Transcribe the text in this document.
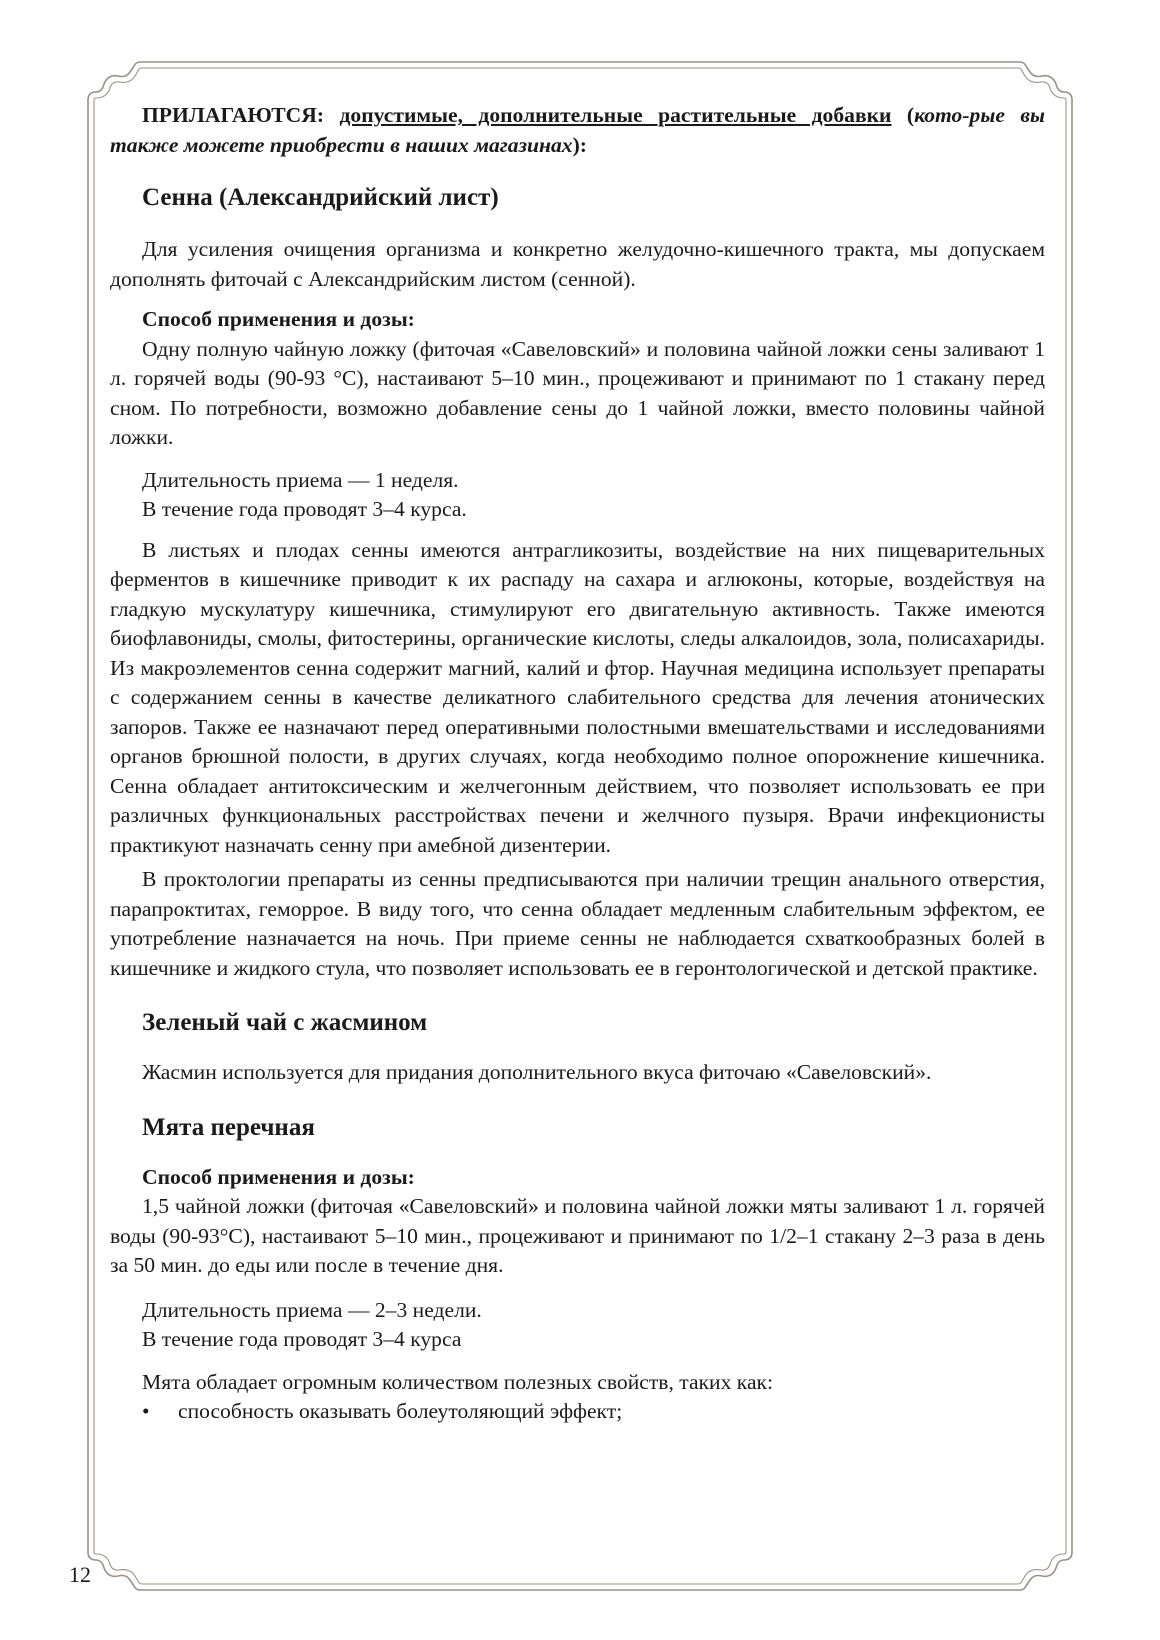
ПРИЛАГАЮТСЯ: допустимые, дополнительные растительные добавки (кото-рые вы также можете приобрести в наших магазинах):

Сенна (Александрийский лист)

Для усиления очищения организма и конкретно желудочно-кишечного тракта, мы допускаем дополнять фиточай с Александрийским листом (сенной).

Способ применения и дозы:

Одну полную чайную ложку (фиточая «Савеловский» и половина чайной ложки сены заливают 1 л. горячей воды (90-93 °С), настаивают 5–10 мин., процеживают и принимают по 1 стакану перед сном. По потребности, возможно добавление сены до 1 чайной ложки, вместо половины чайной ложки.

Длительность приема — 1 неделя.

В течение года проводят 3–4 курса.

В листьях и плодах сенны имеются антрагликозиты, воздействие на них пищеварительных ферментов в кишечнике приводит к их распаду на сахара и аглюконы, которые, воздействуя на гладкую мускулатуру кишечника, стимулируют его двигательную активность. Также имеются биофлавониды, смолы, фитостерины, органические кислоты, следы алкалоидов, зола, полисахариды. Из макроэлементов сенна содержит магний, калий и фтор. Научная медицина использует препараты с содержанием сенны в качестве деликатного слабительного средства для лечения атонических запоров. Также ее назначают перед оперативными полостными вмешательствами и исследованиями органов брюшной полости, в других случаях, когда необходимо полное опорожнение кишечника. Сенна обладает антитоксическим и желчегонным действием, что позволяет использовать ее при различных функциональных расстройствах печени и желчного пузыря. Врачи инфекционисты практикуют назначать сенну при амебной дизентерии.

В проктологии препараты из сенны предписываются при наличии трещин анального отверстия, парапроктитах, геморрое. В виду того, что сенна обладает медленным слабительным эффектом, ее употребление назначается на ночь. При приеме сенны не наблюдается схваткообразных болей в кишечнике и жидкого стула, что позволяет использовать ее в геронтологической и детской практике.

Зеленый чай с жасмином

Жасмин используется для придания дополнительного вкуса фиточаю «Савеловский».

Мята перечная

Способ применения и дозы:

1,5 чайной ложки (фиточая «Савеловский» и половина чайной ложки мяты заливают 1 л. горячей воды (90-93°С), настаивают 5–10 мин., процеживают и принимают по 1/2–1 стакану 2–3 раза в день за 50 мин. до еды или после в течение дня.

Длительность приема — 2–3 недели.

В течение года проводят 3–4 курса

Мята обладает огромным количеством полезных свойств, таких как:

•	способность оказывать болеутоляющий эффект;
12
